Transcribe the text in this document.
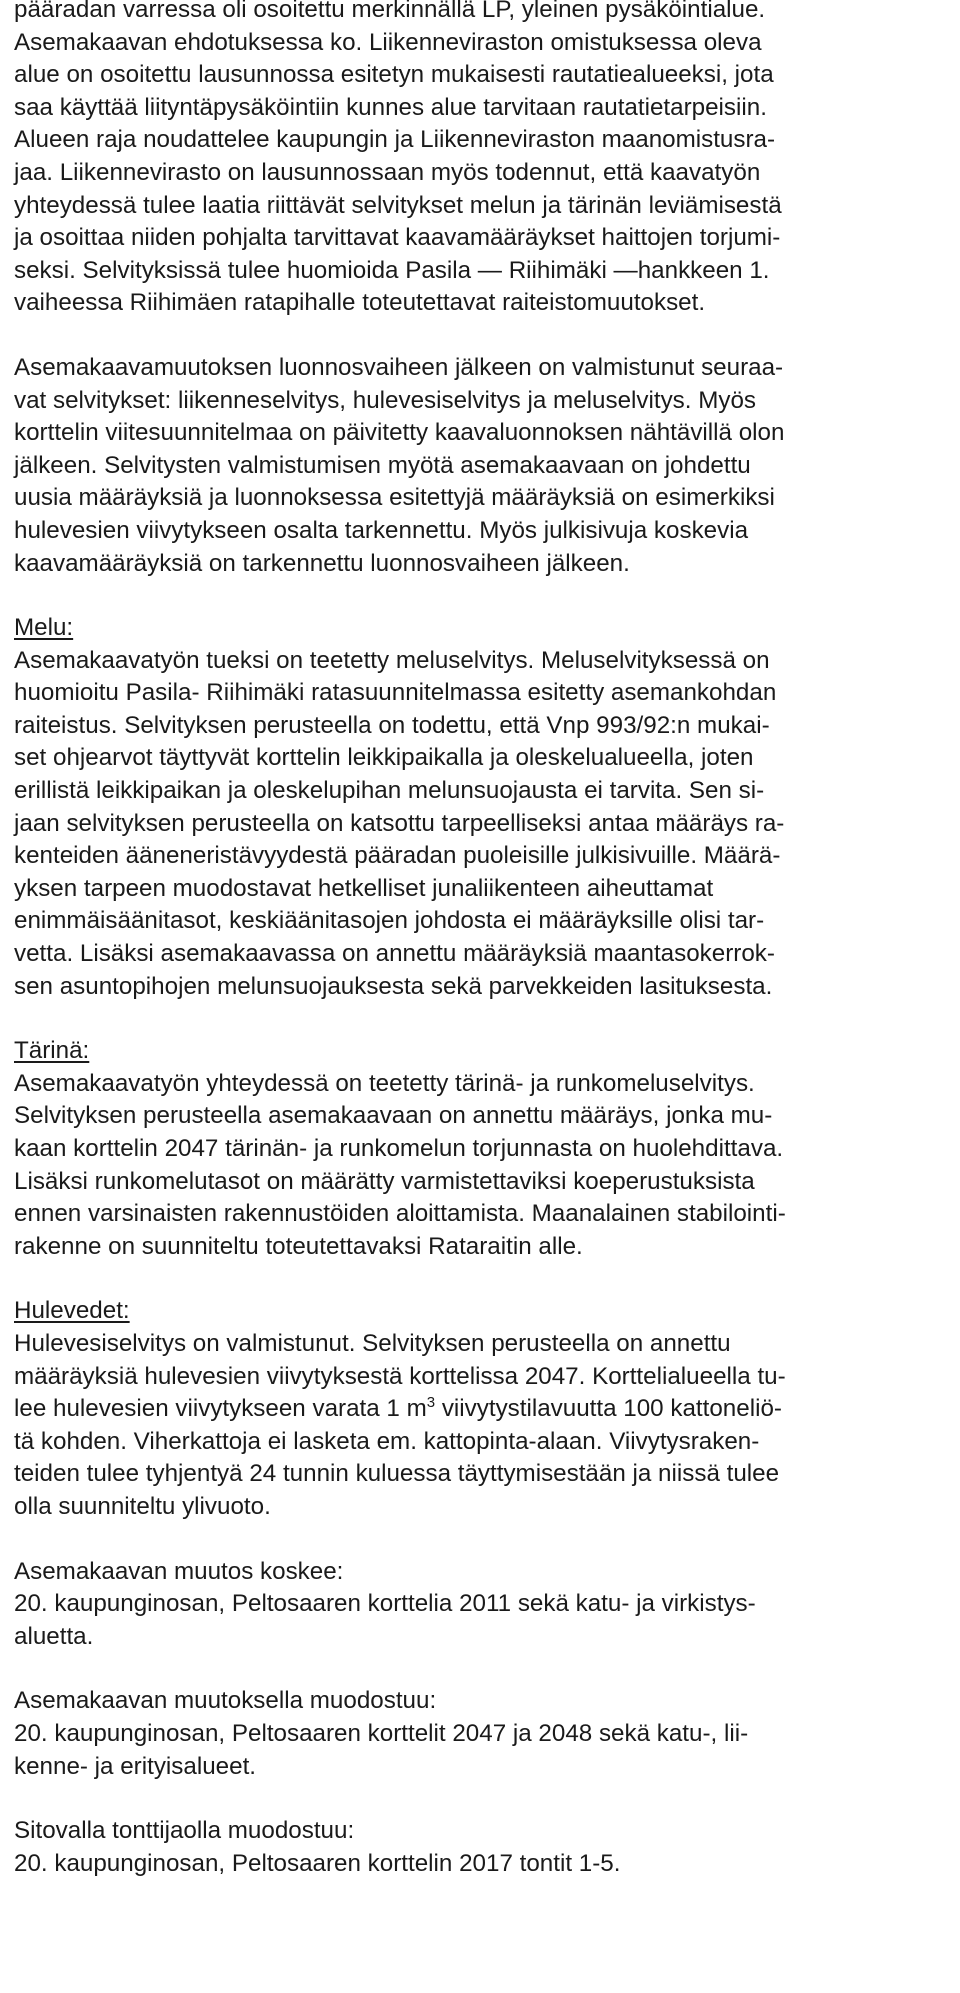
pääradan varressa oli osoitettu merkinnällä LP, yleinen pysäköintialue.
Asemakaavan ehdotuksessa ko. Liikenneviraston omistuksessa oleva
alue on osoitettu lausunnossa esitetyn mukaisesti rautatiealueeksi, jota
saa käyttää liityntäpysäköintiin kunnes alue tarvitaan rautatietarpeisiin.
Alueen raja noudattelee kaupungin ja Liikenneviraston maanomistusra-
jaa. Liikennevirasto on lausunnossaan myös todennut, että kaavatyön
yhteydessä tulee laatia riittävät selvitykset melun ja tärinän leviämisestä
ja osoittaa niiden pohjalta tarvittavat kaavamääräykset haittojen torjumi-
seksi. Selvityksissä tulee huomioida Pasila — Riihimäki —hankkeen 1.
vaiheessa Riihimäen ratapihalle toteutettavat raiteistomuutokset.
Asemakaavamuutoksen luonnosvaiheen jälkeen on valmistunut seuraa-
vat selvitykset: liikenneselvitys, hulevesiselvitys ja meluselvitys. Myös
korttelin viitesuunnitelmaa on päivitetty kaavaluonnoksen nähtävillä olon
jälkeen. Selvitysten valmistumisen myötä asemakaavaan on johdettu
uusia määräyksiä ja luonnoksessa esitettyjä määräyksiä on esimerkiksi
hulevesien viivytykseen osalta tarkennettu. Myös julkisivuja koskevia
kaavamääräyksiä on tarkennettu luonnosvaiheen jälkeen.
Melu:
Asemakaavatyön tueksi on teetetty meluselvitys. Meluselvityksessä on
huomioitu Pasila- Riihimäki ratasuunnitelmassa esitetty asemankohdan
raiteistus. Selvityksen perusteella on todettu, että Vnp 993/92:n mukai-
set ohjearvot täyttyvät korttelin leikkipaikalla ja oleskelualueella, joten
erillistä leikkipaikan ja oleskelupihan melunsuojausta ei tarvita. Sen si-
jaan selvityksen perusteella on katsottu tarpeelliseksi antaa määräys ra-
kenteiden ääneneristävyydestä pääradan puoleisille julkisivuille. Määrä-
yksen tarpeen muodostavat hetkelliset junaliikenteen aiheuttamat
enimmäisäänitasot, keskiäänitasojen johdosta ei määräyksille olisi tar-
vetta. Lisäksi asemakaavassa on annettu määräyksiä maantasokerrok-
sen asuntopihojen melunsuojauksesta sekä parvekkeiden lasituksesta.
Tärinä:
Asemakaavatyön yhteydessä on teetetty tärinä- ja runkomeluselvitys.
Selvityksen perusteella asemakaavaan on annettu määräys, jonka mu-
kaan korttelin 2047 tärinän- ja runkomelun torjunnasta on huolehdittava.
Lisäksi runkomelutasot on määrätty varmistettaviksi koeperustuksista
ennen varsinaisten rakennustöiden aloittamista. Maanalainen stabilointi-
rakenne on suunniteltu toteutettavaksi Rataraitin alle.
Hulevedet:
Hulevesiselvitys on valmistunut. Selvityksen perusteella on annettu
määräyksiä hulevesien viivytyksestä korttelissa 2047. Korttelialueella tu-
lee hulevesien viivytykseen varata 1 $m^3$ viivytystilavuutta 100 kattoneliö-
tä kohden. Viherkattoja ei lasketa em. kattopinta-alaan. Viivytysraken-
teiden tulee tyhjentyä 24 tunnin kuluessa täyttymisestään ja niissä tulee
olla suunniteltu ylivuoto.
Asemakaavan muutos koskee:
20. kaupunginosan, Peltosaaren korttelia 2011 sekä katu- ja virkistys-
aluetta.
Asemakaavan muutoksella muodostuu:
20. kaupunginosan, Peltosaaren korttelit 2047 ja 2048 sekä katu-, lii-
kenne- ja erityisalueet.
Sitovalla tonttijaolla muodostuu:
20. kaupunginosan, Peltosaaren korttelin 2017 tontit 1-5.
